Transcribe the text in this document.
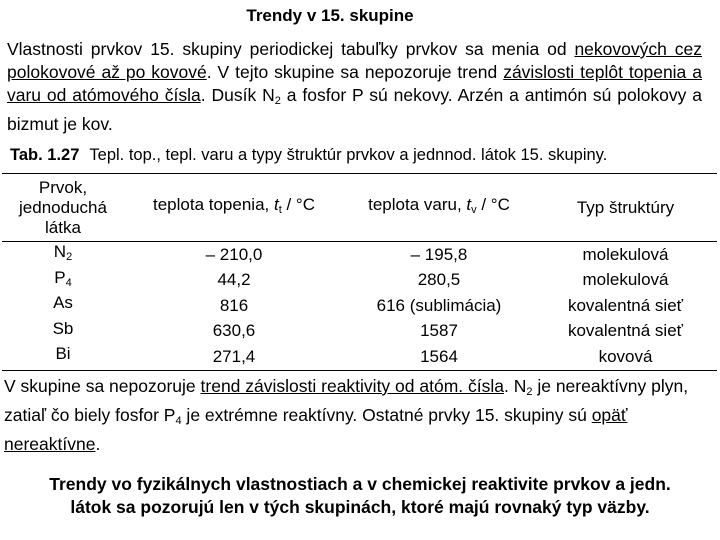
Trendy v 15. skupine
Vlastnosti prvkov 15. skupiny periodickej tabuľky prvkov sa menia od nekovových cez polokovové až po kovové. V tejto skupine sa nepozoruje trend závislosti teplôt topenia a varu od atómového čísla. Dusík $N_2$ a fosfor P sú nekovy. Arzén a antimón sú polokovy a bizmut je kov.
Tab. 1.27 Tepl. top., tepl. varu a typy štruktúr prvkov a jednnod. látok 15. skupiny.
Prvok, jednoduchá látka	teplota topenia, $t_t / ^\circ C$	teplota varu, $t_v / ^\circ C$	Typ štruktúry
$N_2$	– 210,0	– 195,8	molekulová
$P_4$	44,2	280,5	molekulová
As	816	616 (sublimácia)	kovalentná sieť
Sb	630,6	1587	kovalentná sieť
Bi	271,4	1564	kovová
V skupine sa nepozoruje trend závislosti reaktivity od atóm. čísla. $N_2$ je nereaktívny plyn, zatiaľ čo biely fosfor $P_4$ je extrémne reaktívny. Ostatné prvky 15. skupiny sú opäť nereaktívne.
Trendy vo fyzikálnych vlastnostiach a v chemickej reaktivite prvkov a jedn.
látok sa pozorujú len v tých skupinách, ktoré majú rovnaký typ väzby.
